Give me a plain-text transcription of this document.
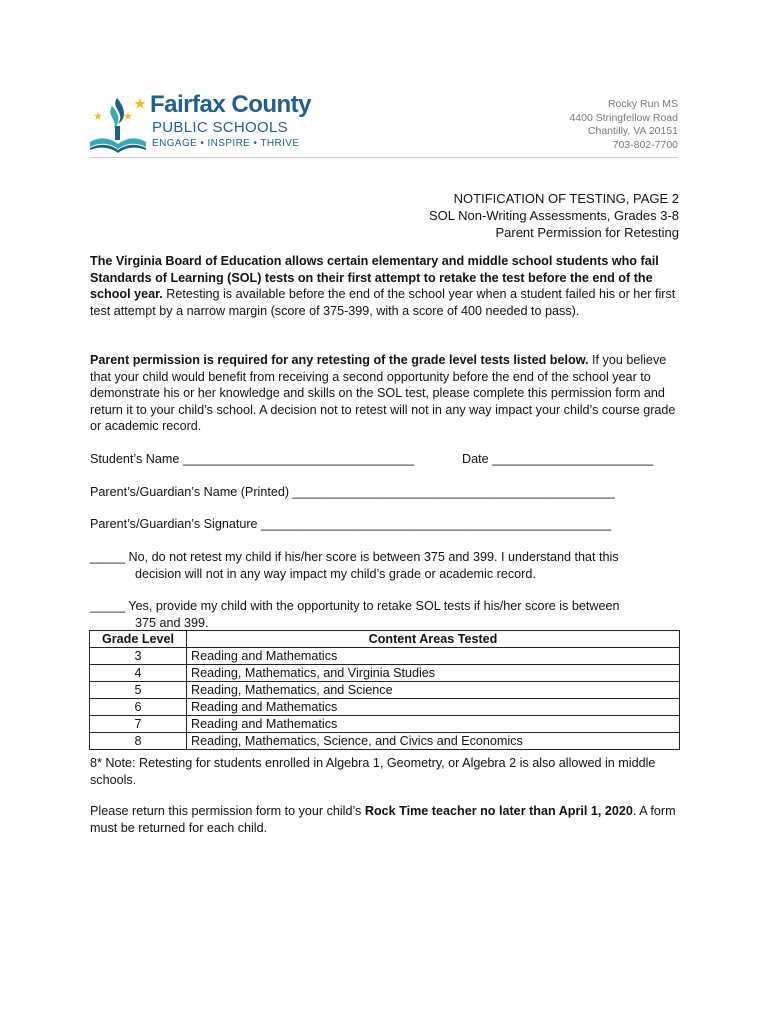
Fairfax County
PUBLIC SCHOOLS
ENGAGE • INSPIRE • THRIVE
Rocky Run MS
4400 Stringfellow Road
Chantilly, VA 20151
703-802-7700
NOTIFICATION OF TESTING, PAGE 2
SOL Non-Writing Assessments, Grades 3-8
Parent Permission for Retesting
The Virginia Board of Education allows certain elementary and middle school students who fail Standards of Learning (SOL) tests on their first attempt to retake the test before the end of the school year. Retesting is available before the end of the school year when a student failed his or her first test attempt by a narrow margin (score of 375-399, with a score of 400 needed to pass).
Parent permission is required for any retesting of the grade level tests listed below. If you believe that your child would benefit from receiving a second opportunity before the end of the school year to demonstrate his or her knowledge and skills on the SOL test, please complete this permission form and return it to your child’s school. A decision not to retest will not in any way impact your child’s course grade or academic record.
Student’s Name _________________________________	Date _______________________
Parent’s/Guardian’s Name (Printed) ______________________________________________
Parent’s/Guardian’s Signature __________________________________________________
_____ No, do not retest my child if his/her score is between 375 and 399. I understand that this
decision will not in any way impact my child’s grade or academic record.
_____ Yes, provide my child with the opportunity to retake SOL tests if his/her score is between
375 and 399.
Grade Level	Content Areas Tested
3	Reading and Mathematics
4	Reading, Mathematics, and Virginia Studies
5	Reading, Mathematics, and Science
6	Reading and Mathematics
7	Reading and Mathematics
8	Reading, Mathematics, Science, and Civics and Economics
8* Note: Retesting for students enrolled in Algebra 1, Geometry, or Algebra 2 is also allowed in middle schools.
Please return this permission form to your child’s Rock Time teacher no later than April 1, 2020. A form must be returned for each child.
